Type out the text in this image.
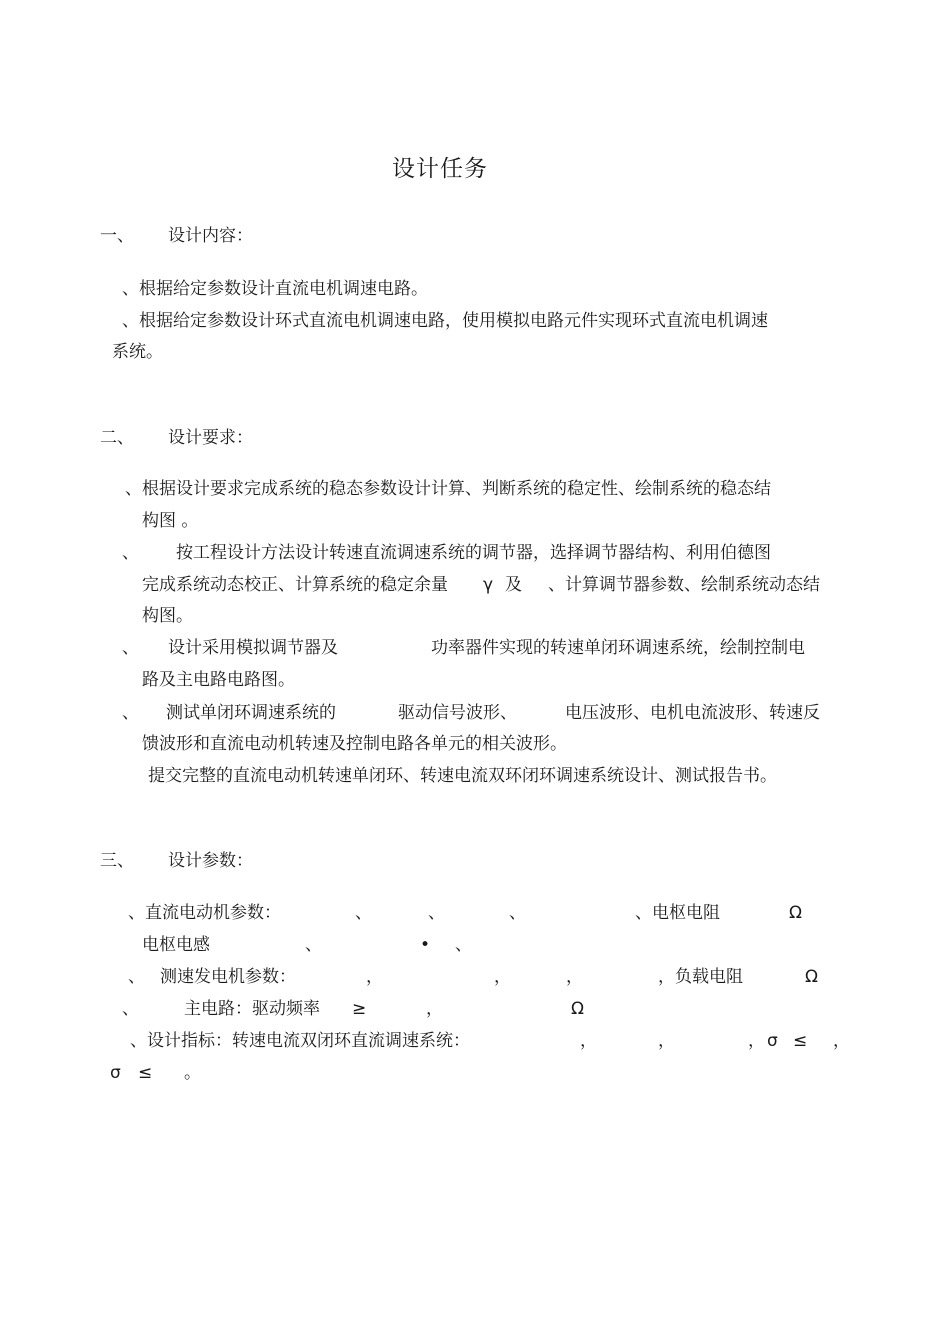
设计任务
一、 设计内容：
、根据给定参数设计直流电机调速电路。
、根据给定参数设计环式直流电机调速电路，使用模拟电路元件实现环式直流电机调速
系统。
二、 设计要求：
、根据设计要求完成系统的稳态参数设计计算、判断系统的稳定性、绘制系统的稳态结
构图 。
、 按工程设计方法设计转速直流调速系统的调节器，选择调节器结构、利用伯德图
完成系统动态校正、计算系统的稳定余量 γ 及 、计算调节器参数、绘制系统动态结
构图。
、 设计采用模拟调节器及	功率器件实现的转速单闭环调速系统，绘制控制电
路及主电路电路图。
、 测试单闭环调速系统的	驱动信号波形、	电压波形、电机电流波形、转速反
馈波形和直流电动机转速及控制电路各单元的相关波形。
提交完整的直流电动机转速单闭环、转速电流双环闭环调速系统设计、测试报告书。
三、 设计参数：
、直流电动机参数：	、	、	、	、电枢电阻	Ω
电枢电感	、	• 、
、 测速发电机参数：	，	，	，	，负载电阻	Ω
、	主电路：驱动频率 ≥	，	Ω
、设计指标：转速电流双闭环直流调速系统：	，	，	， σ ≤ ，
σ ≤ 。
